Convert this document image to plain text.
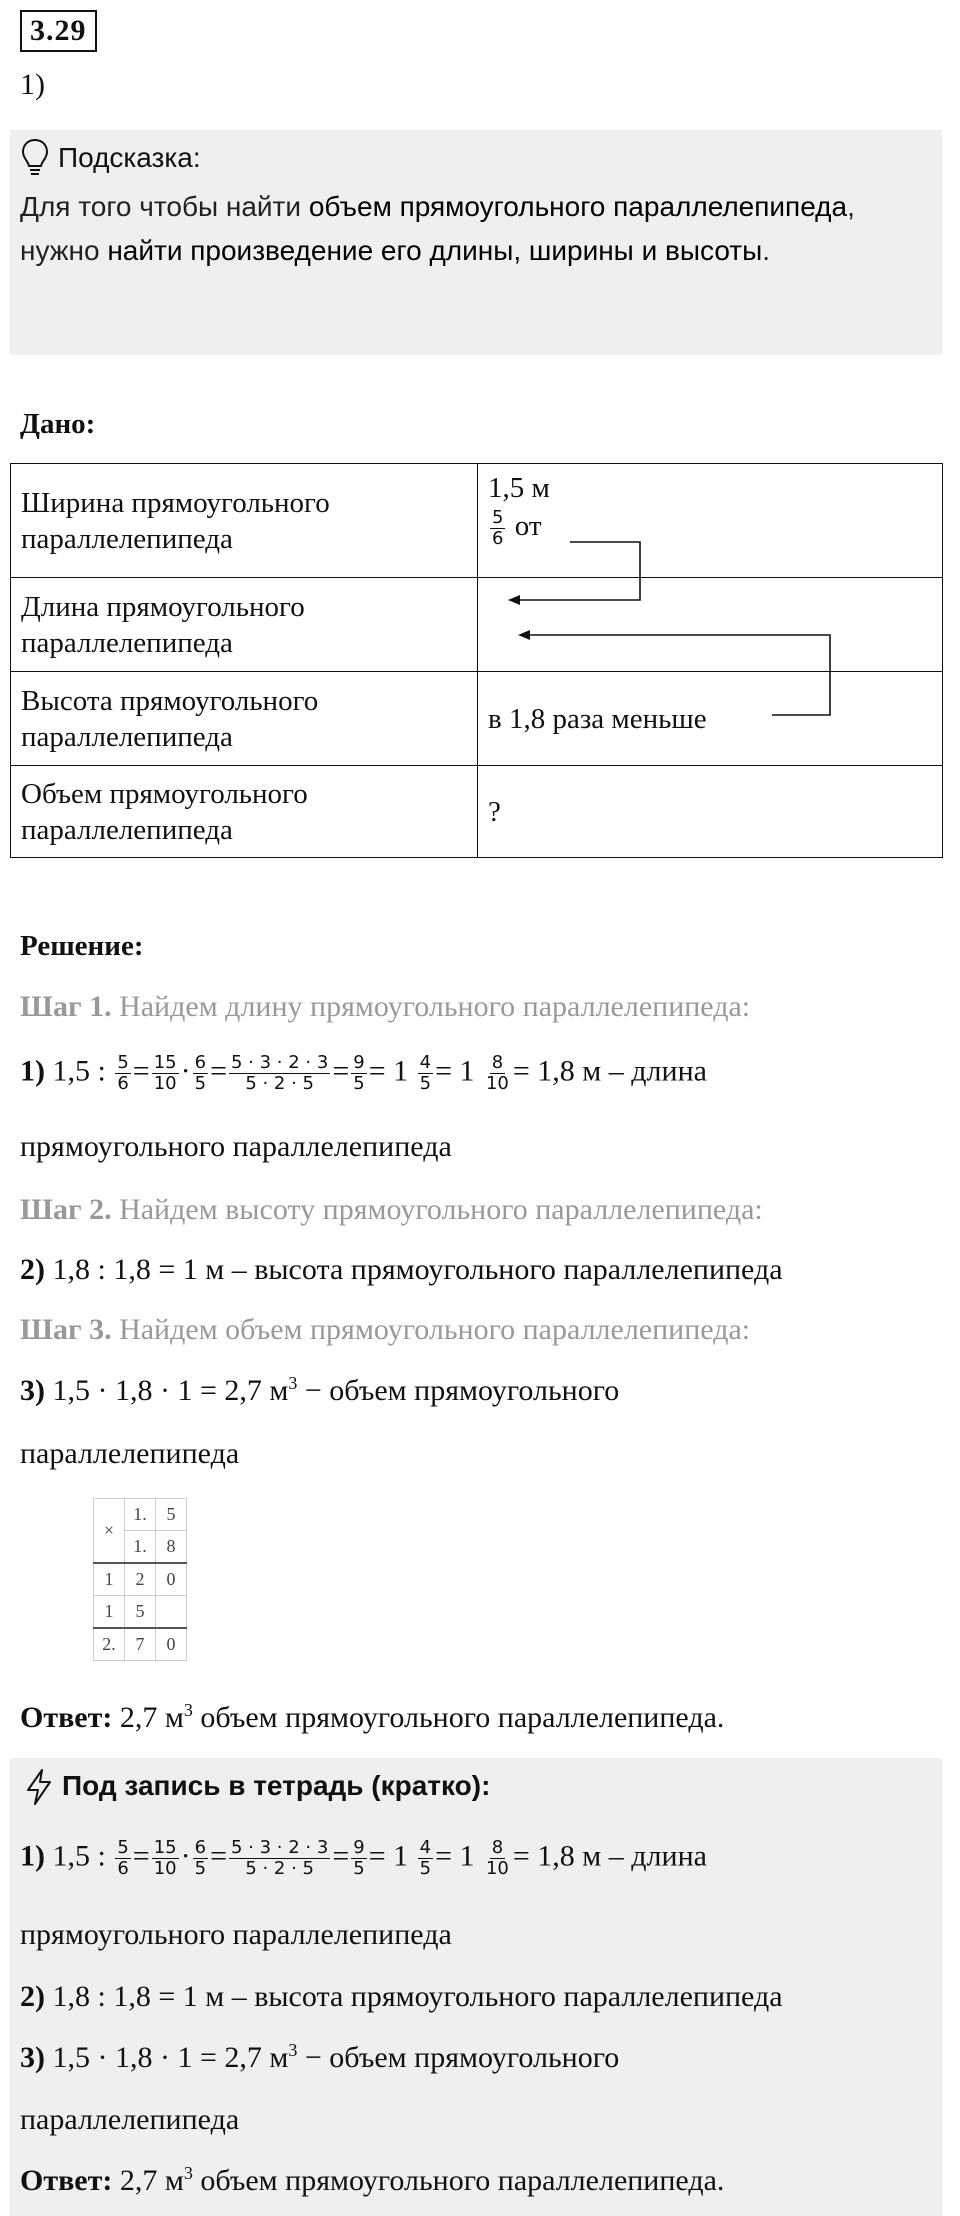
3.29
1)
Подсказка:
Для того чтобы найти объем прямоугольного параллелепипеда, нужно найти произведение его длины, ширины и высоты.
Дано:
Ширина прямоугольного параллелепипеда	1,5 м
$\frac{5}{6}$ от

Длина прямоугольного параллелепипеда	
Высота прямоугольного параллелепипеда	в 1,8 раза меньше
Объем прямоугольного параллелепипеда	?
Решение:
Шаг 1. Найдем длину прямоугольного параллелепипеда:
1) 1,5 : $\frac{5}{6} = \frac{15}{10} \cdot \frac{6}{5} = \frac{5 \cdot 3 \cdot 2 \cdot 3}{5 \cdot 2 \cdot 5} = \frac{9}{5} = 1 \frac{4}{5} = 1 \frac{8}{10} = 1,8$ м – длина
прямоугольного параллелепипеда
Шаг 2. Найдем высоту прямоугольного параллелепипеда:
2) 1,8 : 1,8 = 1 м – высота прямоугольного параллелепипеда
Шаг 3. Найдем объем прямоугольного параллелепипеда:
3) 1,5 · 1,8 · 1 = 2,7 $м^3$ − объем прямоугольного
параллелепипеда
×	1.	5
	1.	8
1	2	0
1	5	
2.	7	0
Ответ: 2,7 $м^3$ объем прямоугольного параллелепипеда.
Под запись в тетрадь (кратко):
1) 1,5 : $\frac{5}{6} = \frac{15}{10} \cdot \frac{6}{5} = \frac{5 \cdot 3 \cdot 2 \cdot 3}{5 \cdot 2 \cdot 5} = \frac{9}{5} = 1 \frac{4}{5} = 1 \frac{8}{10} = 1,8$ м – длина
прямоугольного параллелепипеда
2) 1,8 : 1,8 = 1 м – высота прямоугольного параллелепипеда
3) 1,5 · 1,8 · 1 = 2,7 $м^3$ − объем прямоугольного
параллелепипеда
Ответ: 2,7 $м^3$ объем прямоугольного параллелепипеда.
